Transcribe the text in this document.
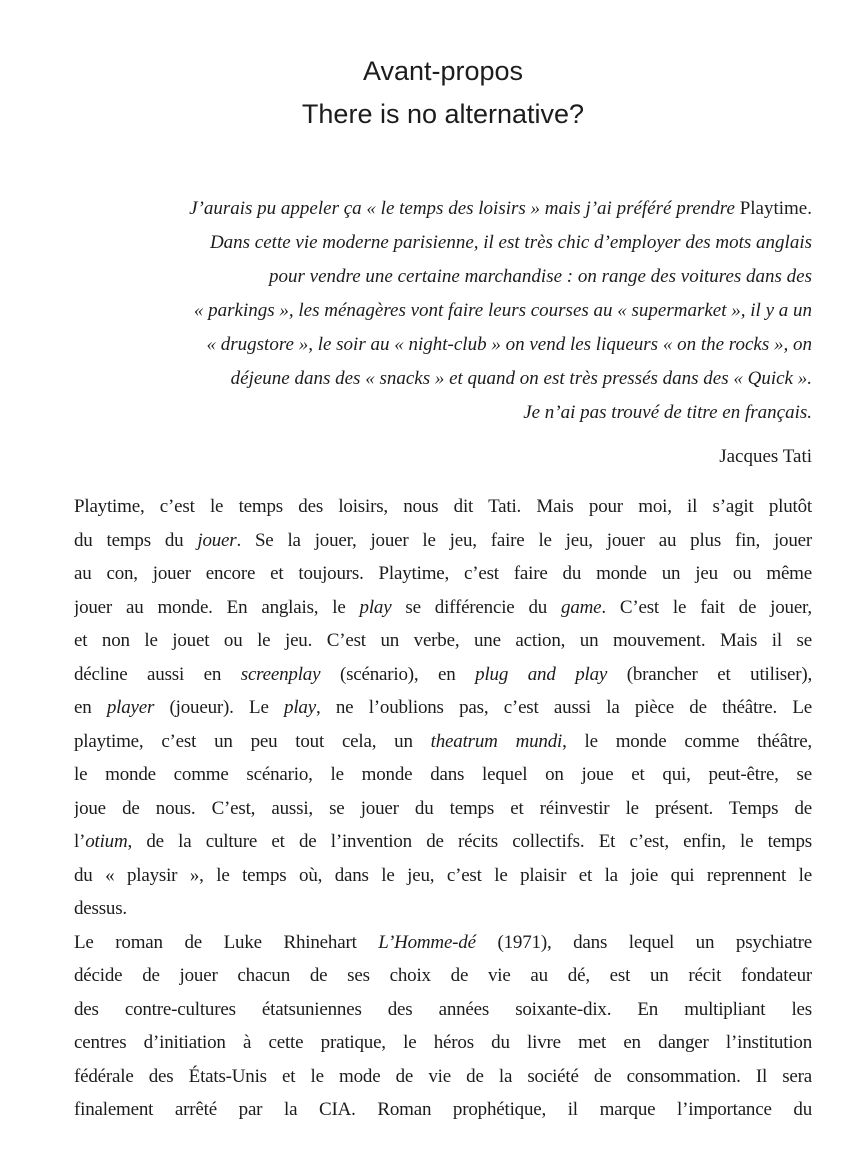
Avant-propos
There is no alternative?
J’aurais pu appeler ça « le temps des loisirs » mais j’ai préféré prendre Playtime.
Dans cette vie moderne parisienne, il est très chic d’employer des mots anglais
pour vendre une certaine marchandise : on range des voitures dans des
« parkings », les ménagères vont faire leurs courses au « supermarket », il y a un
« drugstore », le soir au « night-club » on vend les liqueurs « on the rocks », on
déjeune dans des « snacks » et quand on est très pressés dans des « Quick ».
Je n’ai pas trouvé de titre en français.
Jacques Tati
Playtime, c’est le temps des loisirs, nous dit Tati. Mais pour moi, il s’agit plutôt
du temps du jouer. Se la jouer, jouer le jeu, faire le jeu, jouer au plus fin, jouer
au con, jouer encore et toujours. Playtime, c’est faire du monde un jeu ou même
jouer au monde. En anglais, le play se différencie du game. C’est le fait de jouer,
et non le jouet ou le jeu. C’est un verbe, une action, un mouvement. Mais il se
décline aussi en screenplay (scénario), en plug and play (brancher et utiliser),
en player (joueur). Le play, ne l’oublions pas, c’est aussi la pièce de théâtre. Le
playtime, c’est un peu tout cela, un theatrum mundi, le monde comme théâtre,
le monde comme scénario, le monde dans lequel on joue et qui, peut-être, se
joue de nous. C’est, aussi, se jouer du temps et réinvestir le présent. Temps de
l’otium, de la culture et de l’invention de récits collectifs. Et c’est, enfin, le temps
du « playsir », le temps où, dans le jeu, c’est le plaisir et la joie qui reprennent le
dessus.
Le roman de Luke Rhinehart L’Homme-dé (1971), dans lequel un psychiatre
décide de jouer chacun de ses choix de vie au dé, est un récit fondateur
des contre-cultures étatsuniennes des années soixante-dix. En multipliant les
centres d’initiation à cette pratique, le héros du livre met en danger l’institution
fédérale des États-Unis et le mode de vie de la société de consommation. Il sera
finalement arrêté par la CIA. Roman prophétique, il marque l’importance du
